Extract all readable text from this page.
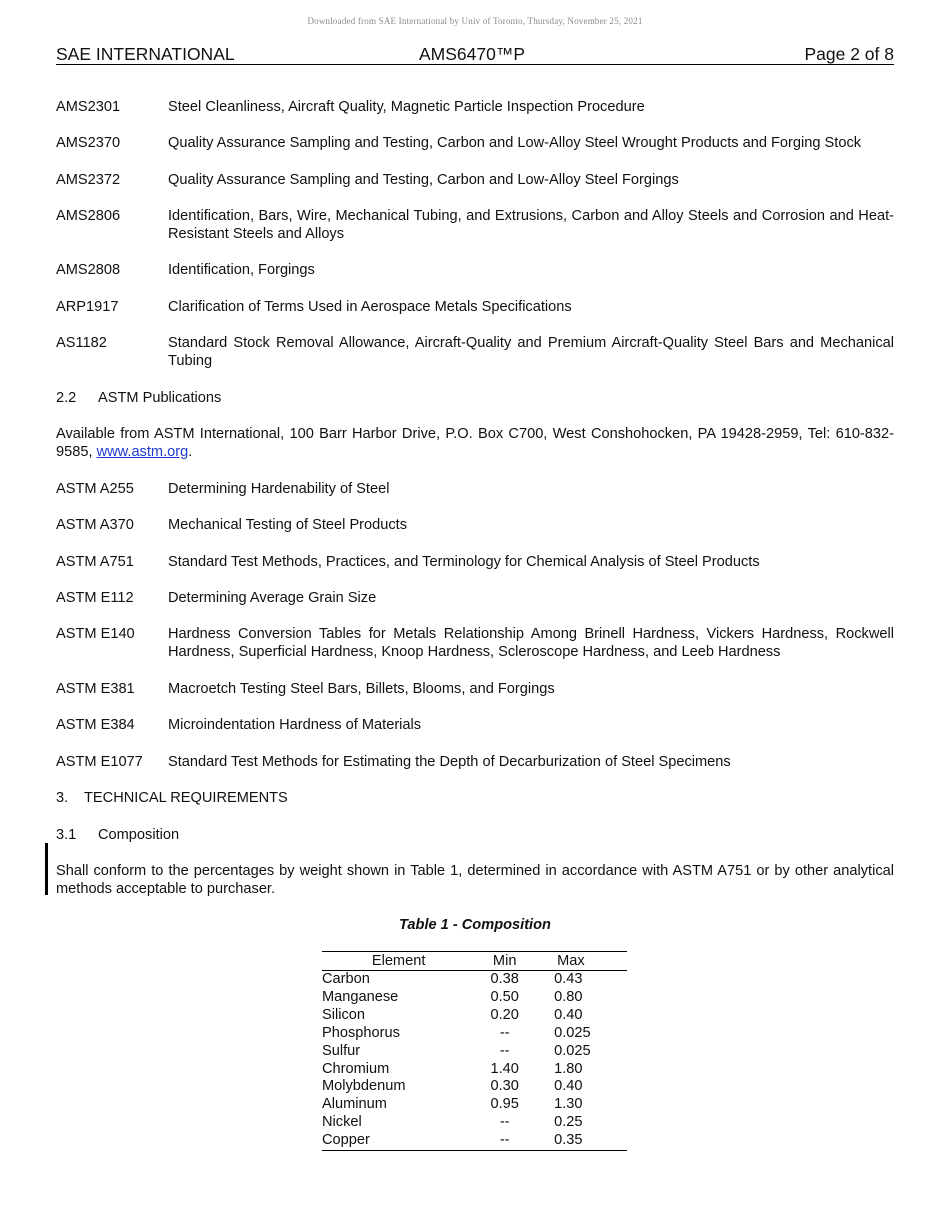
Downloaded from SAE International by Univ of Toronto, Thursday, November 25, 2021
SAE INTERNATIONAL	AMS6470™P	Page 2 of 8
AMS2301	Steel Cleanliness, Aircraft Quality, Magnetic Particle Inspection Procedure
AMS2370	Quality Assurance Sampling and Testing, Carbon and Low-Alloy Steel Wrought Products and Forging Stock
AMS2372	Quality Assurance Sampling and Testing, Carbon and Low-Alloy Steel Forgings
AMS2806	Identification, Bars, Wire, Mechanical Tubing, and Extrusions, Carbon and Alloy Steels and Corrosion and Heat-Resistant Steels and Alloys
AMS2808	Identification, Forgings
ARP1917	Clarification of Terms Used in Aerospace Metals Specifications
AS1182	Standard Stock Removal Allowance, Aircraft-Quality and Premium Aircraft-Quality Steel Bars and Mechanical Tubing
2.2 ASTM Publications
Available from ASTM International, 100 Barr Harbor Drive, P.O. Box C700, West Conshohocken, PA 19428-2959, Tel: 610-832-9585, www.astm.org.
ASTM A255 Determining Hardenability of Steel
ASTM A370 Mechanical Testing of Steel Products
ASTM A751 Standard Test Methods, Practices, and Terminology for Chemical Analysis of Steel Products
ASTM E112 Determining Average Grain Size
ASTM E140 Hardness Conversion Tables for Metals Relationship Among Brinell Hardness, Vickers Hardness, Rockwell Hardness, Superficial Hardness, Knoop Hardness, Scleroscope Hardness, and Leeb Hardness
ASTM E381 Macroetch Testing Steel Bars, Billets, Blooms, and Forgings
ASTM E384 Microindentation Hardness of Materials
ASTM E1077 Standard Test Methods for Estimating the Depth of Decarburization of Steel Specimens
3. TECHNICAL REQUIREMENTS
3.1 Composition
Shall conform to the percentages by weight shown in Table 1, determined in accordance with ASTM A751 or by other analytical methods acceptable to purchaser.
Table 1 - Composition
Element	Min	Max
Carbon	0.38	0.43
Manganese	0.50	0.80
Silicon	0.20	0.40
Phosphorus	--	0.025
Sulfur	--	0.025
Chromium	1.40	1.80
Molybdenum	0.30	0.40
Aluminum	0.95	1.30
Nickel	--	0.25
Copper	--	0.35
